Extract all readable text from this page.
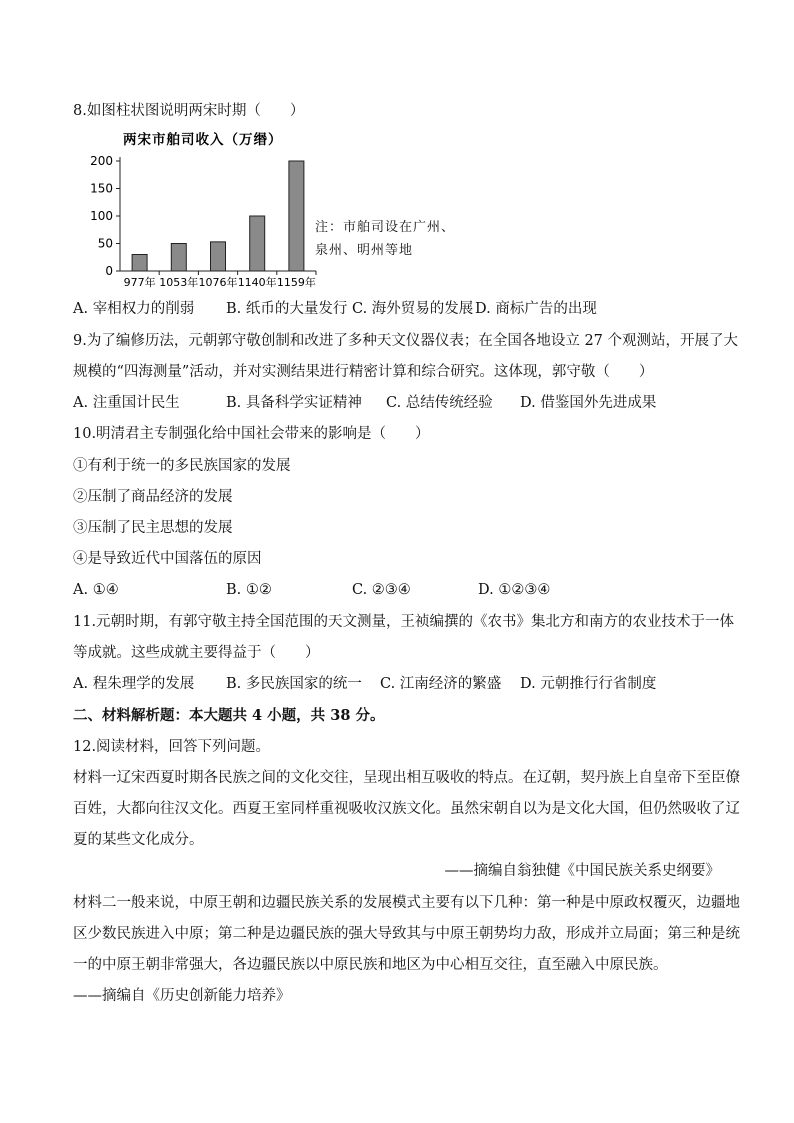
8.如图柱状图说明两宋时期（　　）
两宋市舶司收入（万缗）
0
50
100
150
200
977年 1053年 1076年 1140年 1159年
注：市舶司设在广州、
泉州、明州等地
A. 宰相权力的削弱 B. 纸币的大量发行 C. 海外贸易的发展 D. 商标广告的出现
9.为了编修历法，元朝郭守敬创制和改进了多种天文仪器仪表；在全国各地设立 27 个观测站，开展了大
规模的“四海测量”活动，并对实测结果进行精密计算和综合研究。这体现，郭守敬（　　）
A. 注重国计民生	B. 具备科学实证精神 C. 总结传统经验 D. 借鉴国外先进成果
10.明清君主专制强化给中国社会带来的影响是（　　）
①有利于统一的多民族国家的发展
②压制了商品经济的发展
③压制了民主思想的发展
④是导致近代中国落伍的原因
A. ①④	B. ①②	C. ②③④	D. ①②③④
11.元朝时期，有郭守敬主持全国范围的天文测量，王祯编撰的《农书》集北方和南方的农业技术于一体
等成就。这些成就主要得益于（　　）
A. 程朱理学的发展 B. 多民族国家的统一 C. 江南经济的繁盛 D. 元朝推行行省制度
二、材料解析题：本大题共 4 小题，共 38 分。
12.阅读材料，回答下列问题。
材料一辽宋西夏时期各民族之间的文化交往，呈现出相互吸收的特点。在辽朝，契丹族上自皇帝下至臣僚
百姓，大都向往汉文化。西夏王室同样重视吸收汉族文化。虽然宋朝自以为是文化大国，但仍然吸收了辽
夏的某些文化成分。
——摘编自翁独健《中国民族关系史纲要》
材料二一般来说，中原王朝和边疆民族关系的发展模式主要有以下几种：第一种是中原政权覆灭，边疆地
区少数民族进入中原；第二种是边疆民族的强大导致其与中原王朝势均力敌，形成并立局面；第三种是统
一的中原王朝非常强大，各边疆民族以中原民族和地区为中心相互交往，直至融入中原民族。
——摘编自《历史创新能力培养》
